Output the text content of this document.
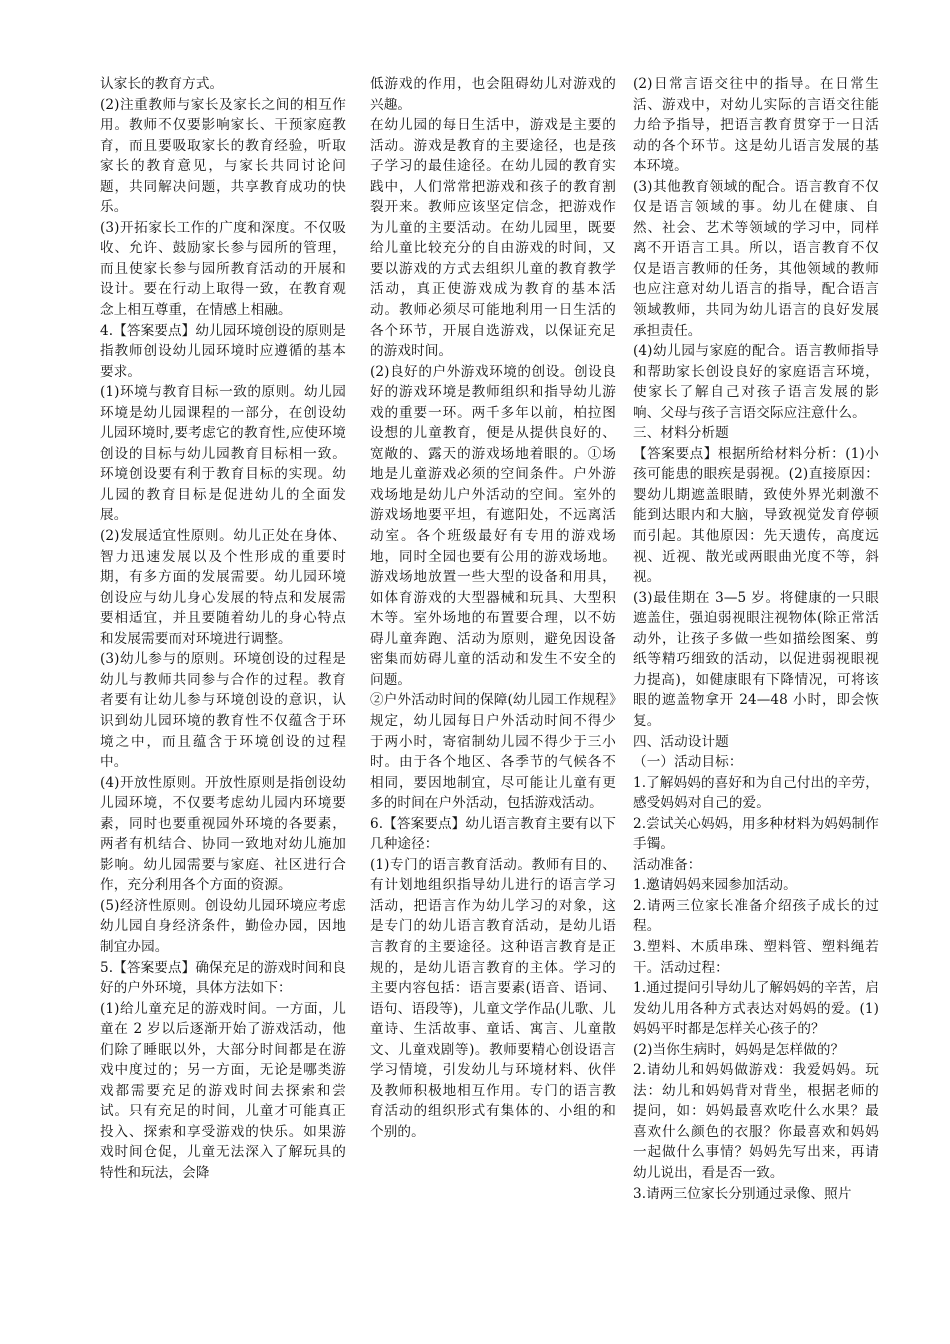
认家长的教育方式。

(2)注重教师与家长及家长之间的相互作用。教师不仅要影响家长、干预家庭教育，而且要吸取家长的教育经验，听取家长的教育意见，与家长共同讨论问题，共同解决问题，共享教育成功的快乐。

(3)开拓家长工作的广度和深度。不仅吸收、允许、鼓励家长参与园所的管理，而且使家长参与园所教育活动的开展和设计。要在行动上取得一致，在教育观念上相互尊重，在情感上相融。

4.【答案要点】幼儿园环境创设的原则是指教师创设幼儿园环境时应遵循的基本要求。

(1)环境与教育目标一致的原则。幼儿园环境是幼儿园课程的一部分，在创设幼儿园环境时,要考虑它的教育性,应使环境创设的目标与幼儿园教育目标相一致。环境创设要有利于教育目标的实现。幼儿园的教育目标是促进幼儿的全面发展。

(2)发展适宜性原则。幼儿正处在身体、智力迅速发展以及个性形成的重要时期，有多方面的发展需要。幼儿园环境创设应与幼儿身心发展的特点和发展需要相适宜，并且要随着幼儿的身心特点和发展需要而对环境进行调整。

(3)幼儿参与的原则。环境创设的过程是幼儿与教师共同参与合作的过程。教育者要有让幼儿参与环境创设的意识，认识到幼儿园环境的教育性不仅蕴含于环境之中，而且蕴含于环境创设的过程中。

(4)开放性原则。开放性原则是指创设幼儿园环境，不仅要考虑幼儿园内环境要素，同时也要重视园外环境的各要素，两者有机结合、协同一致地对幼儿施加影响。幼儿园需要与家庭、社区进行合作，充分利用各个方面的资源。

(5)经济性原则。创设幼儿园环境应考虑幼儿园自身经济条件，勤俭办园，因地制宜办园。

5.【答案要点】确保充足的游戏时间和良好的户外环境，具体方法如下：

(1)给儿童充足的游戏时间。一方面，儿童在 2 岁以后逐渐开始了游戏活动，他们除了睡眠以外，大部分时间都是在游戏中度过的；另一方面，无论是哪类游戏都需要充足的游戏时间去探索和尝试。只有充足的时间，儿童才可能真正投入、探索和享受游戏的快乐。如果游戏时间仓促，儿童无法深入了解玩具的特性和玩法，会降

低游戏的作用，也会阻碍幼儿对游戏的兴趣。

在幼儿园的每日生活中，游戏是主要的活动。游戏是教育的主要途径，也是孩子学习的最佳途径。在幼儿园的教育实践中，人们常常把游戏和孩子的教育割裂开来。教师应该坚定信念，把游戏作为儿童的主要活动。在幼儿园里，既要给儿童比较充分的自由游戏的时间，又要以游戏的方式去组织儿童的教育教学活动，真正使游戏成为教育的基本活动。教师必须尽可能地利用一日生活的各个环节，开展自选游戏，以保证充足的游戏时间。

(2)良好的户外游戏环境的创设。创设良好的游戏环境是教师组织和指导幼儿游戏的重要一环。两千多年以前，柏拉图设想的儿童教育，便是从提供良好的、宽敞的、露天的游戏场地着眼的。①场地是儿童游戏必须的空间条件。户外游戏场地是幼儿户外活动的空间。室外的游戏场地要平坦，有遮阳处，不远离活动室。各个班级最好有专用的游戏场地，同时全园也要有公用的游戏场地。游戏场地放置一些大型的设备和用具，如体育游戏的大型器械和玩具、大型积木等。室外场地的布置要合理，以不妨碍儿童奔跑、活动为原则，避免因设备密集而妨碍儿童的活动和发生不安全的问题。

②户外活动时间的保障(幼儿园工作规程》规定，幼儿园每日户外活动时间不得少于两小时，寄宿制幼儿园不得少于三小时。由于各个地区、各季节的气候各不相同，要因地制宜，尽可能让儿童有更多的时间在户外活动，包括游戏活动。

6.【答案要点】幼儿语言教育主要有以下几种途径：

(1)专门的语言教育活动。教师有目的、有计划地组织指导幼儿进行的语言学习活动，把语言作为幼儿学习的对象，这是专门的幼儿语言教育活动，是幼儿语言教育的主要途径。这种语言教育是正规的，是幼儿语言教育的主体。学习的主要内容包括：语言要素(语音、语词、语句、语段等)，儿童文学作品(儿歌、儿童诗、生活故事、童话、寓言、儿童散文、儿童戏剧等)。教师要精心创设语言学习情境，引发幼儿与环境材料、伙伴及教师积极地相互作用。专门的语言教育活动的组织形式有集体的、小组的和个别的。

(2)日常言语交往中的指导。在日常生活、游戏中，对幼儿实际的言语交往能力给予指导，把语言教育贯穿于一日活动的各个环节。这是幼儿语言发展的基本环境。

(3)其他教育领域的配合。语言教育不仅仅是语言领域的事。幼儿在健康、自然、社会、艺术等领域的学习中，同样离不开语言工具。所以，语言教育不仅仅是语言教师的任务，其他领域的教师也应注意对幼儿语言的指导，配合语言领域教师，共同为幼儿语言的良好发展承担责任。

(4)幼儿园与家庭的配合。语言教师指导和帮助家长创设良好的家庭语言环境，使家长了解自己对孩子语言发展的影响、父母与孩子言语交际应注意什么。

三、材料分析题

【答案要点】根据所给材料分析：(1)小孩可能患的眼疾是弱视。(2)直接原因：婴幼儿期遮盖眼睛，致使外界光刺激不能到达眼内和大脑，导致视觉发育停顿而引起。其他原因：先天遗传，高度远视、近视、散光或两眼曲光度不等，斜视。

(3)最佳期在 3—5 岁。将健康的一只眼遮盖住，强迫弱视眼注视物体(除正常活动外，让孩子多做一些如描绘图案、剪纸等精巧细致的活动，以促进弱视眼视力提高)，如健康眼有下降情况，可将该眼的遮盖物拿开 24—48 小时，即会恢复。

四、活动设计题

（一）活动目标：

1.了解妈妈的喜好和为自己付出的辛劳，感受妈妈对自己的爱。

2.尝试关心妈妈，用多种材料为妈妈制作手镯。

活动准备：

1.邀请妈妈来园参加活动。

2.请两三位家长准备介绍孩子成长的过程。

3.塑料、木质串珠、塑料管、塑料绳若干。活动过程：

1.通过提问引导幼儿了解妈妈的辛苦，启发幼儿用各种方式表达对妈妈的爱。(1)妈妈平时都是怎样关心孩子的？

(2)当你生病时，妈妈是怎样做的？

2.请幼儿和妈妈做游戏：我爱妈妈。玩法：幼儿和妈妈背对背坐，根据老师的提问，如：妈妈最喜欢吃什么水果？最喜欢什么颜色的衣服？你最喜欢和妈妈一起做什么事情？妈妈先写出来，再请幼儿说出，看是否一致。

3.请两三位家长分别通过录像、照片
